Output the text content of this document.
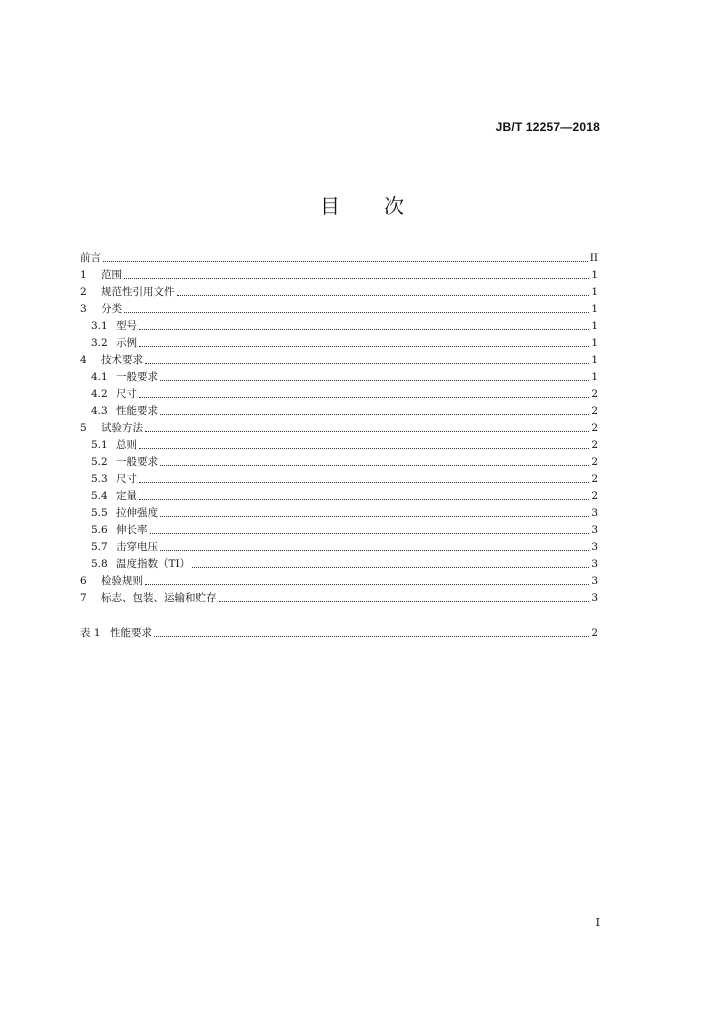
JB/T 12257—2018
目次
前言	II
1	范围	1
2	规范性引用文件	1
3	分类	1
3.1 型号	1
3.2 示例	1
4	技术要求	1
4.1 一般要求	1
4.2 尺寸	2
4.3 性能要求	2
5	试验方法	2
5.1 总则	2
5.2 一般要求	2
5.3 尺寸	2
5.4 定量	2
5.5 拉伸强度	3
5.6 伸长率	3
5.7 击穿电压	3
5.8 温度指数（TI）	3
6	检验规则	3
7	标志、包装、运输和贮存	3
表 1 性能要求	2
I
